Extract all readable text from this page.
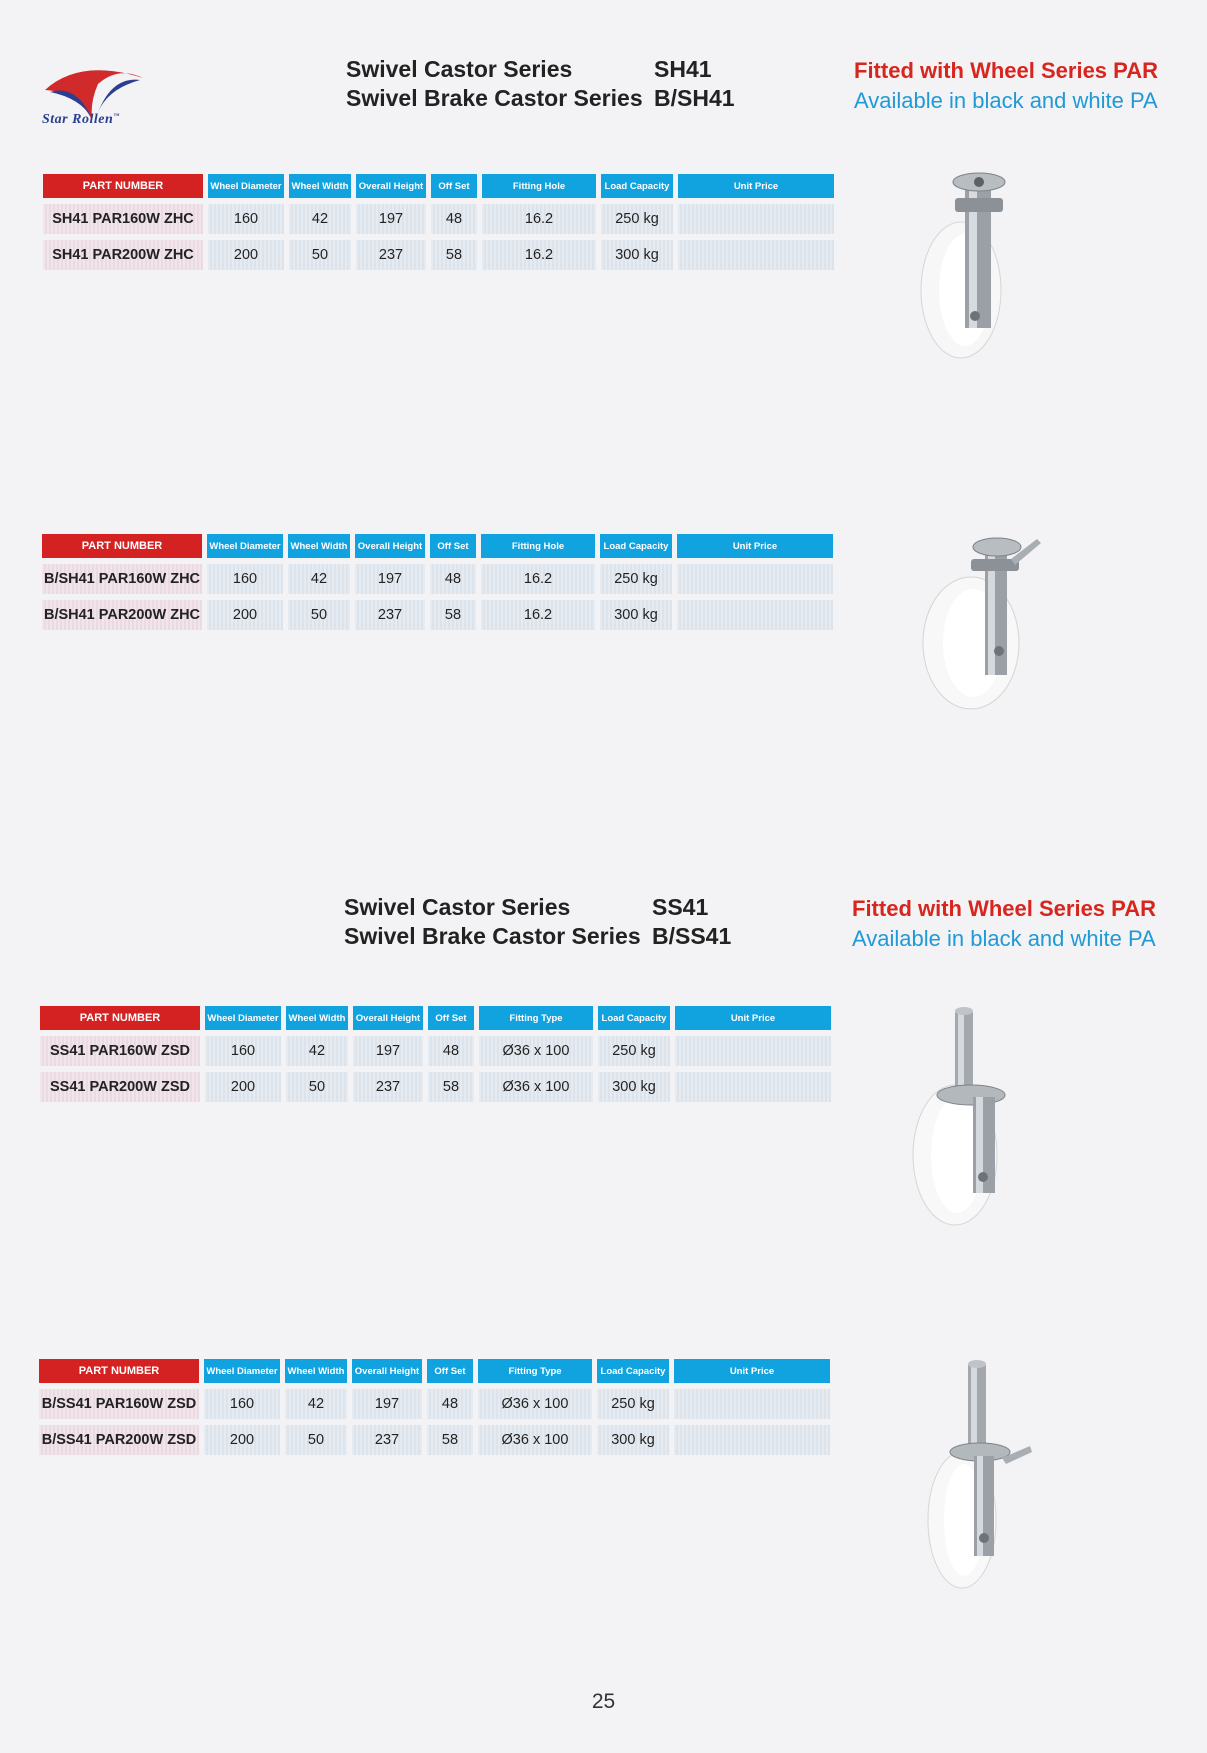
Star Rollen™
Swivel Castor Series	SH41
Swivel Brake Castor Series B/SH41
Fitted with Wheel Series PAR
Available in black and white PA
PART NUMBER	Wheel Diameter	Wheel Width	Overall Height	Off Set	Fitting Hole	Load Capacity	Unit Price
SH41 PAR160W ZHC	160	42	197	48	16.2	250 kg	
SH41 PAR200W ZHC	200	50	237	58	16.2	300 kg	
PART NUMBER	Wheel Diameter	Wheel Width	Overall Height	Off Set	Fitting Hole	Load Capacity	Unit Price
B/SH41 PAR160W ZHC	160	42	197	48	16.2	250 kg	
B/SH41 PAR200W ZHC	200	50	237	58	16.2	300 kg	
Swivel Castor Series	SS41
Swivel Brake Castor Series B/SS41
Fitted with Wheel Series PAR
Available in black and white PA
PART NUMBER	Wheel Diameter	Wheel Width	Overall Height	Off Set	Fitting Type	Load Capacity	Unit Price
SS41 PAR160W ZSD	160	42	197	48	Ø36 x 100	250 kg	
SS41 PAR200W ZSD	200	50	237	58	Ø36 x 100	300 kg	
PART NUMBER	Wheel Diameter	Wheel Width	Overall Height	Off Set	Fitting Type	Load Capacity	Unit Price
B/SS41 PAR160W ZSD	160	42	197	48	Ø36 x 100	250 kg	
B/SS41 PAR200W ZSD	200	50	237	58	Ø36 x 100	300 kg	
25
